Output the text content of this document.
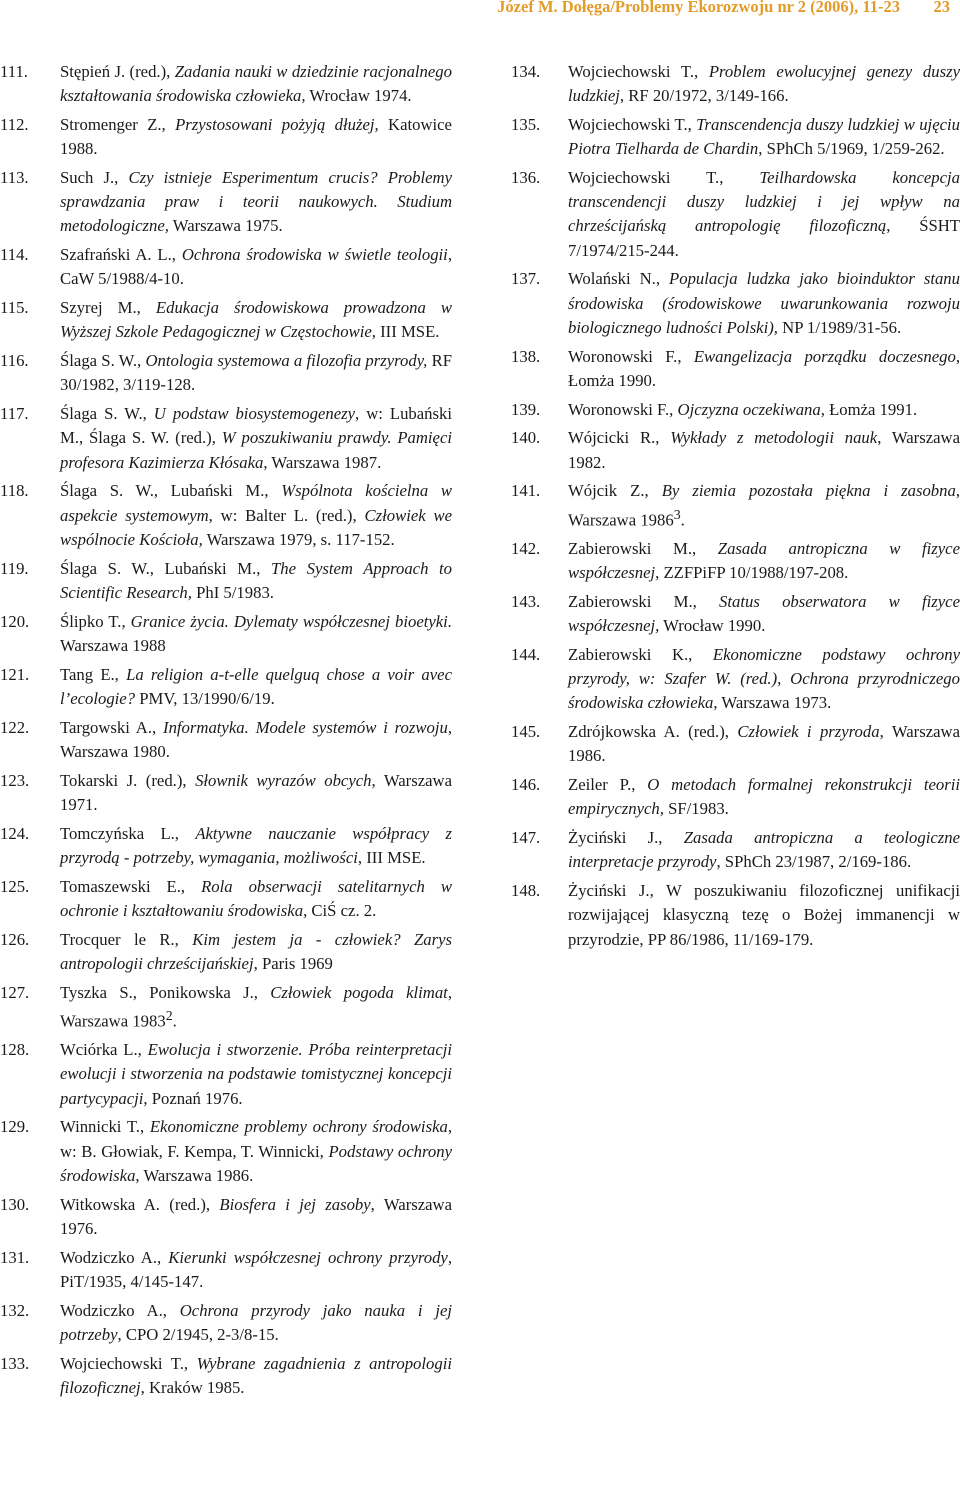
Józef M. Dołęga/Problemy Ekorozwoju nr 2 (2006), 11-23 23
111. Stępień J. (red.), Zadania nauki w dziedzinie racjonalnego kształtowania środowiska człowieka, Wrocław 1974.
112. Stromenger Z., Przystosowani pożyją dłużej, Katowice 1988.
113. Such J., Czy istnieje Esperimentum crucis? Problemy sprawdzania praw i teorii naukowych. Studium metodologiczne, Warszawa 1975.
114. Szafrański A. L., Ochrona środowiska w świetle teologii, CaW 5/1988/4-10.
115. Szyrej M., Edukacja środowiskowa prowadzona w Wyższej Szkole Pedagogicznej w Częstochowie, III MSE.
116. Ślaga S. W., Ontologia systemowa a filozofia przyrody, RF 30/1982, 3/119-128.
117. Ślaga S. W., U podstaw biosystemogenezy, w: Lubański M., Ślaga S. W. (red.), W poszukiwaniu prawdy. Pamięci profesora Kazimierza Kłósaka, Warszawa 1987.
118. Ślaga S. W., Lubański M., Wspólnota kościelna w aspekcie systemowym, w: Balter L. (red.), Człowiek we wspólnocie Kościoła, Warszawa 1979, s. 117-152.
119. Ślaga S. W., Lubański M., The System Approach to Scientific Research, PhI 5/1983.
120. Ślipko T., Granice życia. Dylematy współczesnej bioetyki. Warszawa 1988
121. Tang E., La religion a-t-elle quelguq chose a voir avec l’ecologie? PMV, 13/1990/6/19.
122. Targowski A., Informatyka. Modele systemów i rozwoju, Warszawa 1980.
123. Tokarski J. (red.), Słownik wyrazów obcych, Warszawa 1971.
124. Tomczyńska L., Aktywne nauczanie współpracy z przyrodą - potrzeby, wymagania, możliwości, III MSE.
125. Tomaszewski E., Rola obserwacji satelitarnych w ochronie i kształtowaniu środowiska, CiŚ cz. 2.
126. Trocquer le R., Kim jestem ja - człowiek? Zarys antropologii chrześcijańskiej, Paris 1969
127. Tyszka S., Ponikowska J., Człowiek pogoda klimat, Warszawa 1983$^2$.
128. Wciórka L., Ewolucja i stworzenie. Próba reinterpretacji ewolucji i stworzenia na podstawie tomistycznej koncepcji partycypacji, Poznań 1976.
129. Winnicki T., Ekonomiczne problemy ochrony środowiska, w: B. Głowiak, F. Kempa, T. Winnicki, Podstawy ochrony środowiska, Warszawa 1986.
130. Witkowska A. (red.), Biosfera i jej zasoby, Warszawa 1976.
131. Wodziczko A., Kierunki współczesnej ochrony przyrody, PiT/1935, 4/145-147.
132. Wodziczko A., Ochrona przyrody jako nauka i jej potrzeby, CPO 2/1945, 2-3/8-15.
133. Wojciechowski T., Wybrane zagadnienia z antropologii filozoficznej, Kraków 1985.
134. Wojciechowski T., Problem ewolucyjnej genezy duszy ludzkiej, RF 20/1972, 3/149-166.
135. Wojciechowski T., Transcendencja duszy ludzkiej w ujęciu Piotra Tielharda de Chardin, SPhCh 5/1969, 1/259-262.
136. Wojciechowski T., Teilhardowska koncepcja transcendencji duszy ludzkiej i jej wpływ na chrześcijańską antropologię filozoficzną, ŚSHT 7/1974/215-244.
137. Wolański N., Populacja ludzka jako bioinduktor stanu środowiska (środowiskowe uwarunkowania rozwoju biologicznego ludności Polski), NP 1/1989/31-56.
138. Woronowski F., Ewangelizacja porządku doczesnego, Łomża 1990.
139. Woronowski F., Ojczyzna oczekiwana, Łomża 1991.
140. Wójcicki R., Wykłady z metodologii nauk, Warszawa 1982.
141. Wójcik Z., By ziemia pozostała piękna i zasobna, Warszawa 1986$^3$.
142. Zabierowski M., Zasada antropiczna w fizyce współczesnej, ZZFPiFP 10/1988/197-208.
143. Zabierowski M., Status obserwatora w fizyce współczesnej, Wrocław 1990.
144. Zabierowski K., Ekonomiczne podstawy ochrony przyrody, w: Szafer W. (red.), Ochrona przyrodniczego środowiska człowieka, Warszawa 1973.
145. Zdrójkowska A. (red.), Człowiek i przyroda, Warszawa 1986.
146. Zeiler P., O metodach formalnej rekonstrukcji teorii empirycznych, SF/1983.
147. Życiński J., Zasada antropiczna a teologiczne interpretacje przyrody, SPhCh 23/1987, 2/169-186.
148. Życiński J., W poszukiwaniu filozoficznej unifikacji rozwijającej klasyczną tezę o Bożej immanencji w przyrodzie, PP 86/1986, 11/169-179.
